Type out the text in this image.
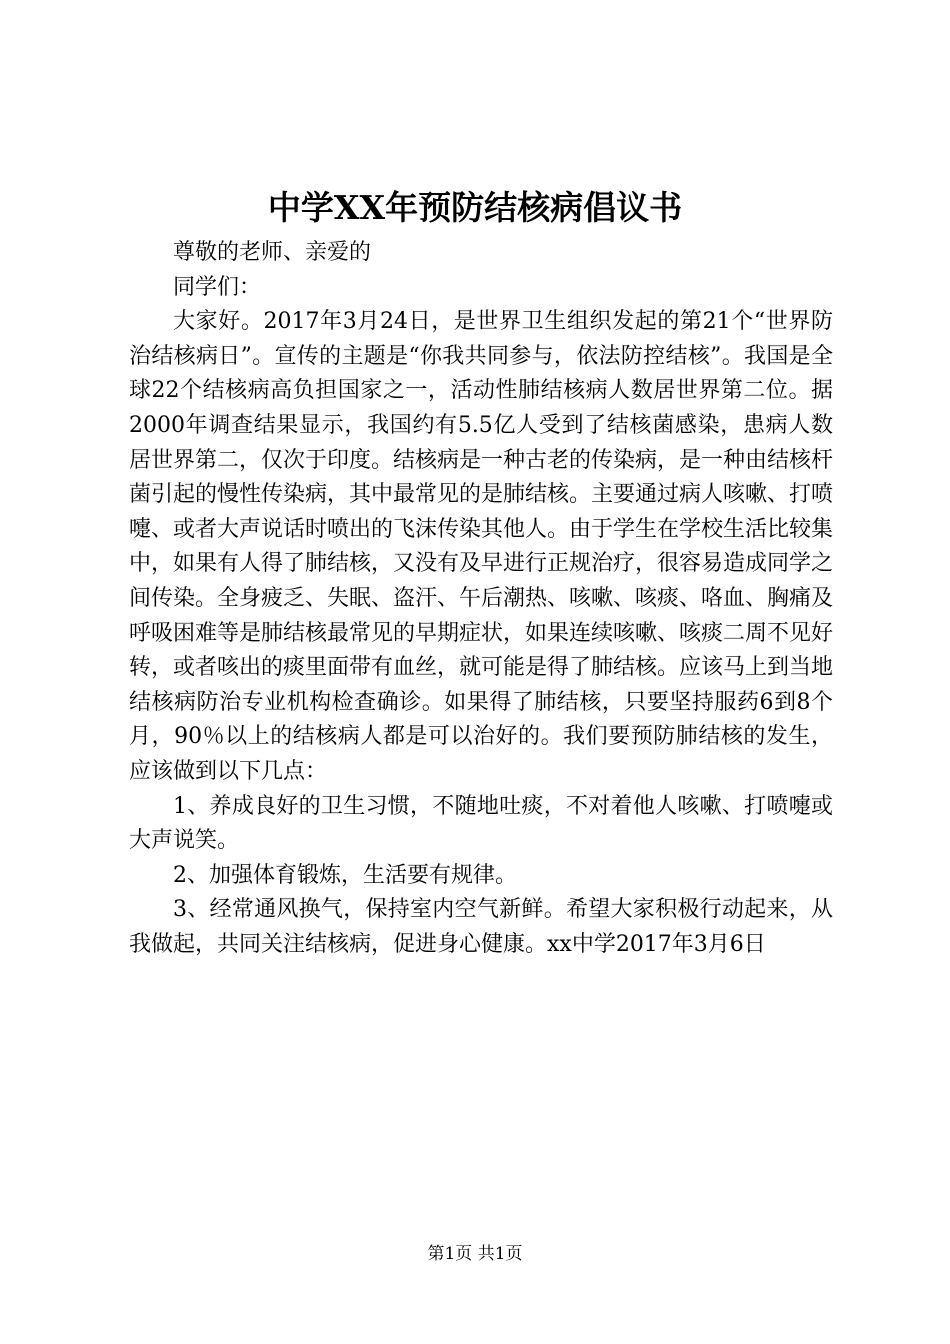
中学XX年预防结核病倡议书

尊敬的老师、亲爱的

同学们：

大家好。2017年3月24日，是世界卫生组织发起的第21个“世界防治结核病日”。宣传的主题是“你我共同参与，依法防控结核”。我国是全球22个结核病高负担国家之一，活动性肺结核病人数居世界第二位。据2000年调查结果显示，我国约有5.5亿人受到了结核菌感染，患病人数居世界第二，仅次于印度。结核病是一种古老的传染病，是一种由结核杆菌引起的慢性传染病，其中最常见的是肺结核。主要通过病人咳嗽、打喷嚏、或者大声说话时喷出的飞沫传染其他人。由于学生在学校生活比较集中，如果有人得了肺结核，又没有及早进行正规治疗，很容易造成同学之间传染。全身疲乏、失眠、盗汗、午后潮热、咳嗽、咳痰、咯血、胸痛及呼吸困难等是肺结核最常见的早期症状，如果连续咳嗽、咳痰二周不见好转，或者咳出的痰里面带有血丝，就可能是得了肺结核。应该马上到当地结核病防治专业机构检查确诊。如果得了肺结核，只要坚持服药6到8个月，90％以上的结核病人都是可以治好的。我们要预防肺结核的发生，应该做到以下几点：

1、养成良好的卫生习惯，不随地吐痰，不对着他人咳嗽、打喷嚏或大声说笑。

2、加强体育锻炼，生活要有规律。

3、经常通风换气，保持室内空气新鲜。希望大家积极行动起来，从我做起，共同关注结核病，促进身心健康。xx中学2017年3月6日

第1页 共1页
